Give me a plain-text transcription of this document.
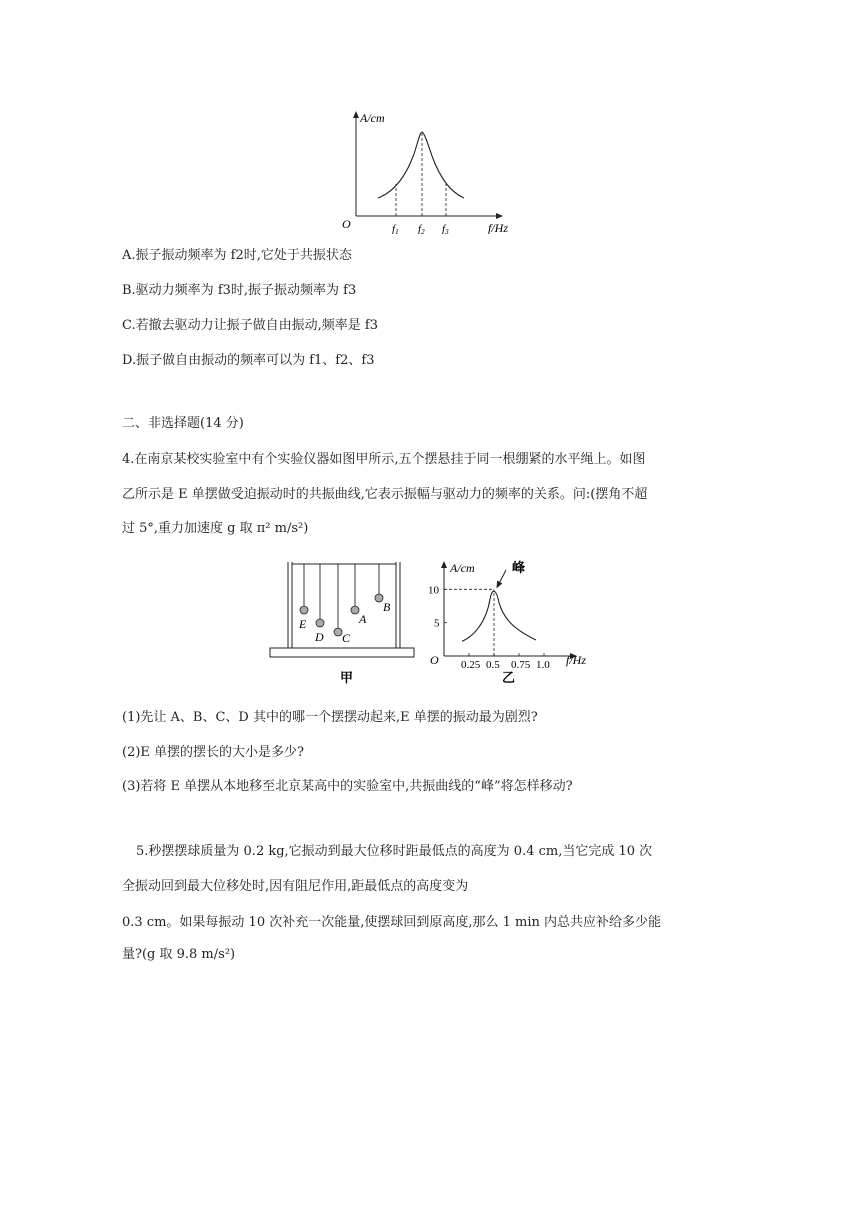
A/cm
f/Hz
O	f1 f2 f3
A.振子振动频率为 f2时,它处于共振状态
B.驱动力频率为 f3时,振子振动频率为 f3
C.若撤去驱动力让振子做自由振动,频率是 f3
D.振子做自由振动的频率可以为 f1、f2、f3
二、非选择题(14 分)
4.在南京某校实验室中有个实验仪器如图甲所示,五个摆悬挂于同一根绷紧的水平绳上。如图
乙所示是 E 单摆做受迫振动时的共振曲线,它表示振幅与驱动力的频率的关系。问:(摆角不超
过 5°,重力加速度 g 取 π² m/s²)
E
D C
A
B
甲
0.25 0.5 0.75 1.0
5
10
A/cm
f/Hz
O
峰
乙
(1)先让 A、B、C、D 其中的哪一个摆摆动起来,E 单摆的振动最为剧烈?
(2)E 单摆的摆长的大小是多少?
(3)若将 E 单摆从本地移至北京某高中的实验室中,共振曲线的“峰”将怎样移动?
5.秒摆摆球质量为 0.2 kg,它振动到最大位移时距最低点的高度为 0.4 cm,当它完成 10 次
全振动回到最大位移处时,因有阻尼作用,距最低点的高度变为
0.3 cm。如果每振动 10 次补充一次能量,使摆球回到原高度,那么 1 min 内总共应补给多少能
量?(g 取 9.8 m/s²)
